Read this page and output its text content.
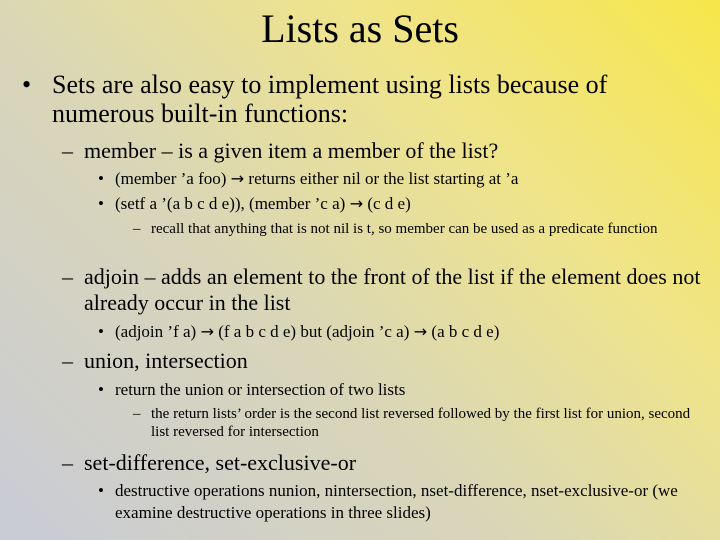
Lists as Sets
• Sets are also easy to implement using lists because of numerous built-in functions:
– member – is a given item a member of the list?
• (member ’a foo) → returns either nil or the list starting at ’a
• (setf a ’(a b c d e)), (member ’c a) → (c d e)
– recall that anything that is not nil is t, so member can be used as a predicate function
– adjoin – adds an element to the front of the list if the element does not already occur in the list
• (adjoin ’f a) → (f a b c d e) but (adjoin ’c a) → (a b c d e)
– union, intersection
• return the union or intersection of two lists
– the return lists’ order is the second list reversed followed by the first list for union, second list reversed for intersection
– set-difference, set-exclusive-or
• destructive operations nunion, nintersection, nset-difference, nset-exclusive-or (we examine destructive operations in three slides)
